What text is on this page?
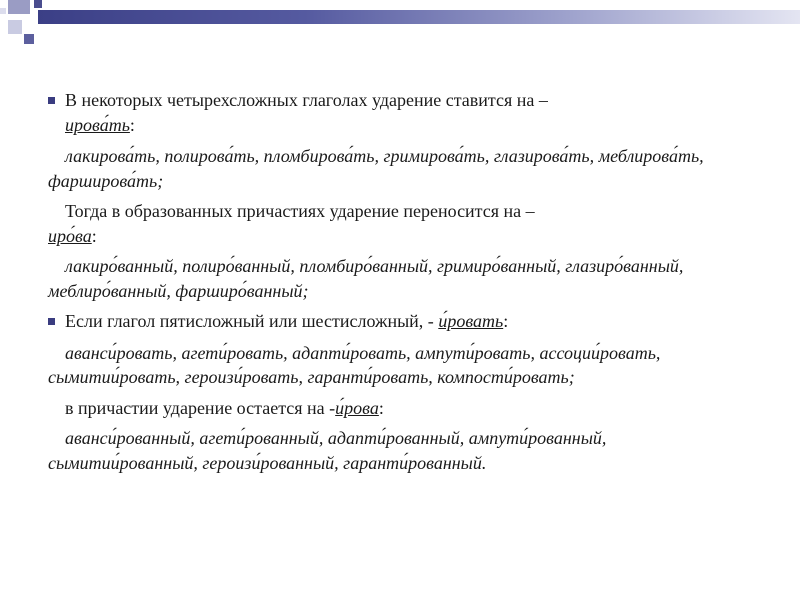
В некоторых четырехсложных глаголах ударение ставится на –
ирова́ть:
лакирова́ть, полирова́ть, пломбирова́ть, гримирова́ть, глазирова́ть, меблирова́ть, фарширова́ть;
Тогда в образованных причастиях ударение переносится на –
иро́ва:
лакиро́ванный, полиро́ванный, пломбиро́ванный, гримиро́ванный, глазиро́ванный, меблиро́ванный, фарширо́ванный;
Если глагол пятисложный или шестисложный, - и́ровать:
аванси́ровать, агети́ровать, адапти́ровать, ампути́ровать, ассоции́ровать, сымитии́ровать, героизи́ровать, гаранти́ровать, компости́ровать;
в причастии ударение остается на -и́рова:
аванси́рованный, агети́рованный, адапти́рованный, ампути́рованный, сымитии́рованный, героизи́рованный, гаранти́рованный.
